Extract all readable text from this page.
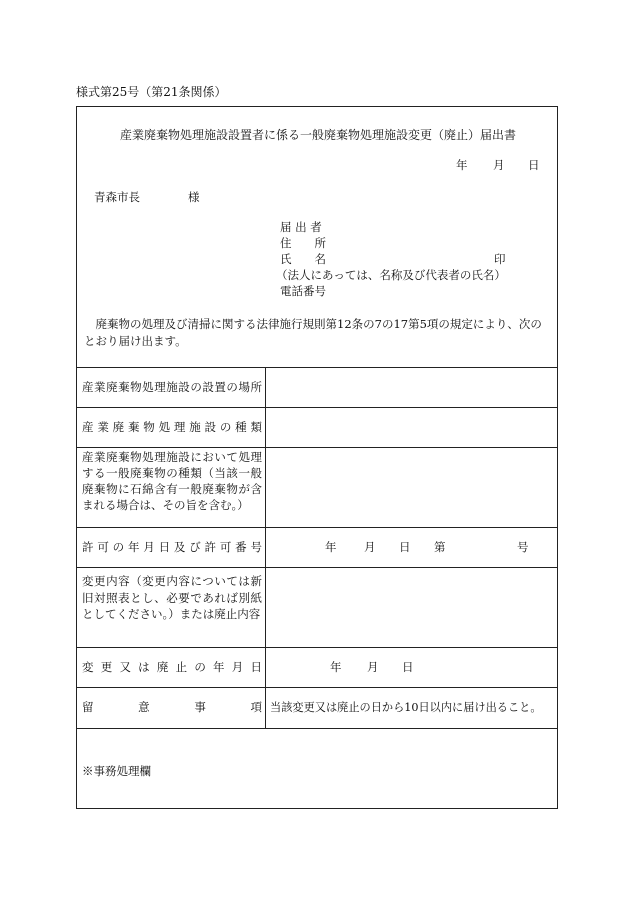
様式第25号（第21条関係）
産業廃棄物処理施設設置者に係る一般廃棄物処理施設変更（廃止）届出書
年 月 日
青森市長	様
届 出 者
住　　所
氏　　名	印
（法人にあっては、名称及び代表者の氏名）
電話番号
　廃棄物の処理及び清掃に関する法律施行規則第12条の7の17第5項の規定により、次のとおり届け出ます。
産業廃棄物処理施設の設置の場所
産業廃棄物処理施設の種類
産業廃棄物処理施設において処理する一般廃棄物の種類（当該一般廃棄物に石綿含有一般廃棄物が含まれる場合は、その旨を含む。）
許可の年月日及び許可番号	年 月 日 第	号
変更内容（変更内容については新旧対照表とし、必要であれば別紙としてください。）または廃止内容
変更又は廃止の年月日	年 月 日
留意事項 当該変更又は廃止の日から10日以内に届け出ること。
※事務処理欄
